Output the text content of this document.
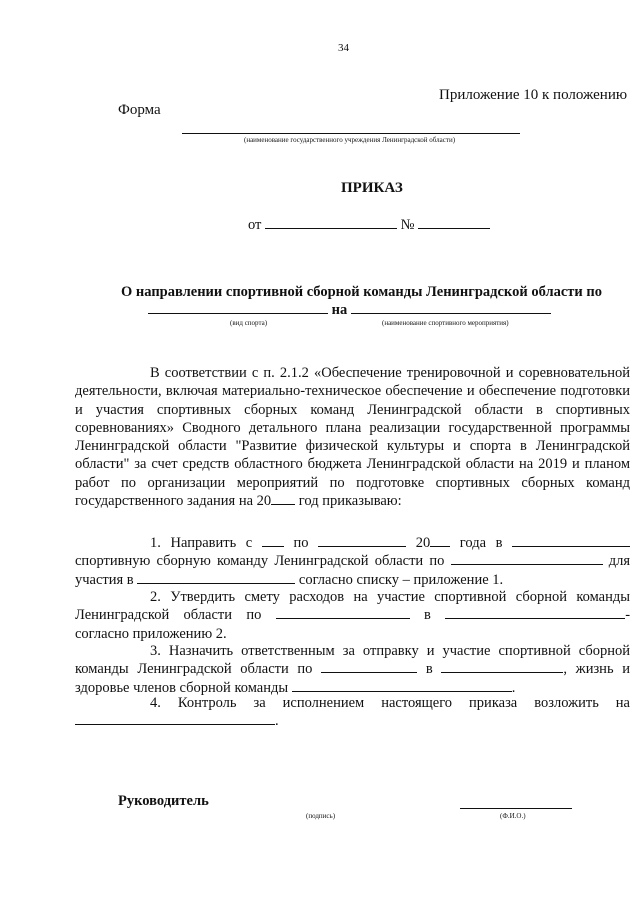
34
Приложение 10 к положению
Форма
(наименование государственного учреждения Ленинградской области)
ПРИКАЗ
от	№
О направлении спортивной сборной команды Ленинградской области по
на
(вид спорта)	(наименование спортивного мероприятия)

В соответствии с п. 2.1.2 «Обеспечение тренировочной и соревновательной деятельности, включая материально-техническое обеспечение и обеспечение подготовки и участия спортивных сборных команд Ленинградской области в спортивных соревнованиях» Сводного детального плана реализации государственной программы Ленинградской области "Развитие физической культуры и спорта в Ленинградской области" за счет средств областного бюджета Ленинградской области на 2019 и планом работ по организации мероприятий по подготовке спортивных сборных команд государственного задания на 20 год приказываю:

1. Направить с	по	20 года в  спортивную сборную команду Ленинградской области по	для участия в	согласно списку – приложение 1.

2. Утвердить смету расходов на участие спортивной сборной команды Ленинградской области по	в	- согласно приложению 2.

3. Назначить ответственным за отправку и участие спортивной сборной команды Ленинградской области по	в	, жизнь и здоровье членов сборной команды	.

4. Контроль за исполнением настоящего приказа возложить на .

Руководитель
(подпись)	(Ф.И.О.)
